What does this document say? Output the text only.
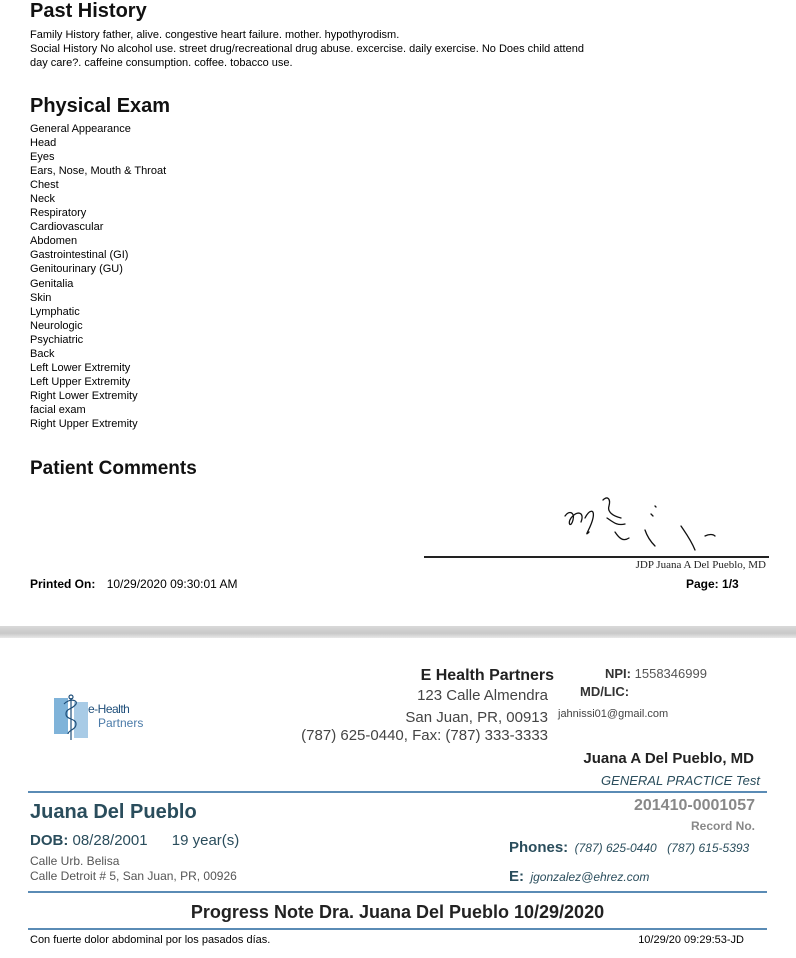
Past History
Family History father, alive. congestive heart failure. mother. hypothyrodism.
Social History No alcohol use. street drug/recreational drug abuse. excercise. daily exercise. No Does child attend
day care?. caffeine consumption. coffee. tobacco use.
Physical Exam
General Appearance
Head
Eyes
Ears, Nose, Mouth & Throat
Chest
Neck
Respiratory
Cardiovascular
Abdomen
Gastrointestinal (GI)
Genitourinary (GU)
Genitalia
Skin
Lymphatic
Neurologic
Psychiatric
Back
Left Lower Extremity
Left Upper Extremity
Right Lower Extremity
facial exam
Right Upper Extremity
Patient Comments
JDP Juana A Del Pueblo, MD
Printed On: 10/29/2020 09:30:01 AM	Page: 1/3
e-Health
Partners
E Health Partners
123 Calle Almendra
San Juan, PR, 00913
(787) 625-0440, Fax: (787) 333-3333
NPI: 1558346999
MD/LIC:
jahnissi01@gmail.com
Juana A Del Pueblo, MD
GENERAL PRACTICE Test
Juana Del Pueblo
DOB: 08/28/2001 19 year(s)
Calle Urb. Belisa
Calle Detroit # 5, San Juan, PR, 00926
201410-0001057
Record No.
Phones: (787) 625-0440 (787) 615-5393
E: jgonzalez@ehrez.com
Progress Note Dra. Juana Del Pueblo 10/29/2020
Con fuerte dolor abdominal por los pasados días.	10/29/20 09:29:53-JD
